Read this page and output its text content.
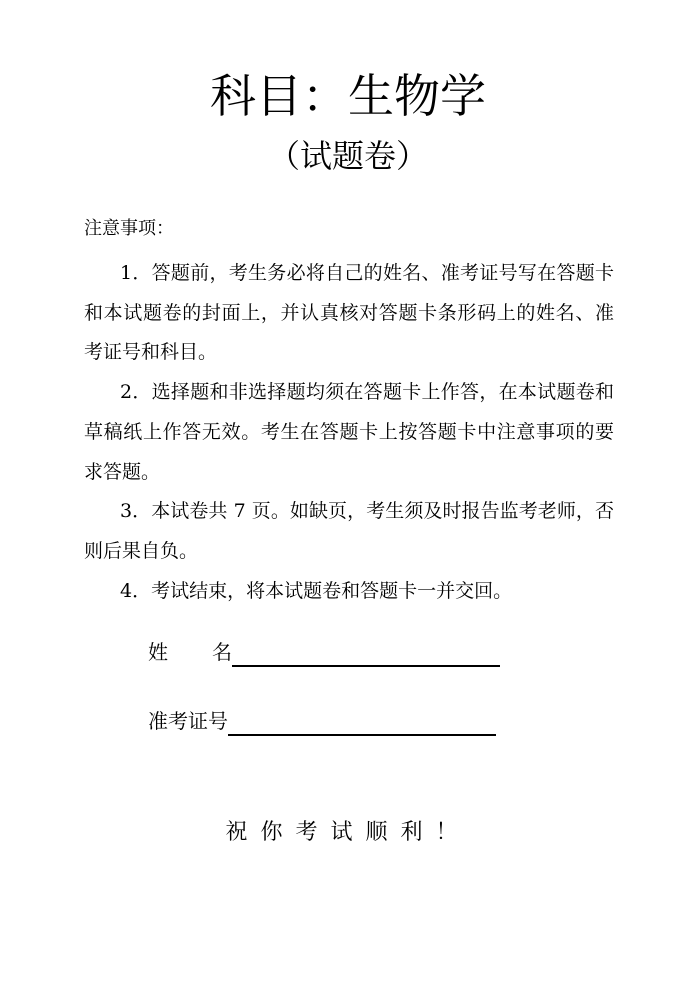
科目：生物学
（试题卷）
注意事项：

1．答题前，考生务必将自己的姓名、准考证号写在答题卡和本试题卷的封面上，并认真核对答题卡条形码上的姓名、准考证号和科目。

2．选择题和非选择题均须在答题卡上作答，在本试题卷和草稿纸上作答无效。考生在答题卡上按答题卡中注意事项的要求答题。

3．本试卷共 7 页。如缺页，考生须及时报告监考老师，否则后果自负。

4．考试结束，将本试题卷和答题卡一并交回。

姓名
准考证号
祝你考试顺利！
